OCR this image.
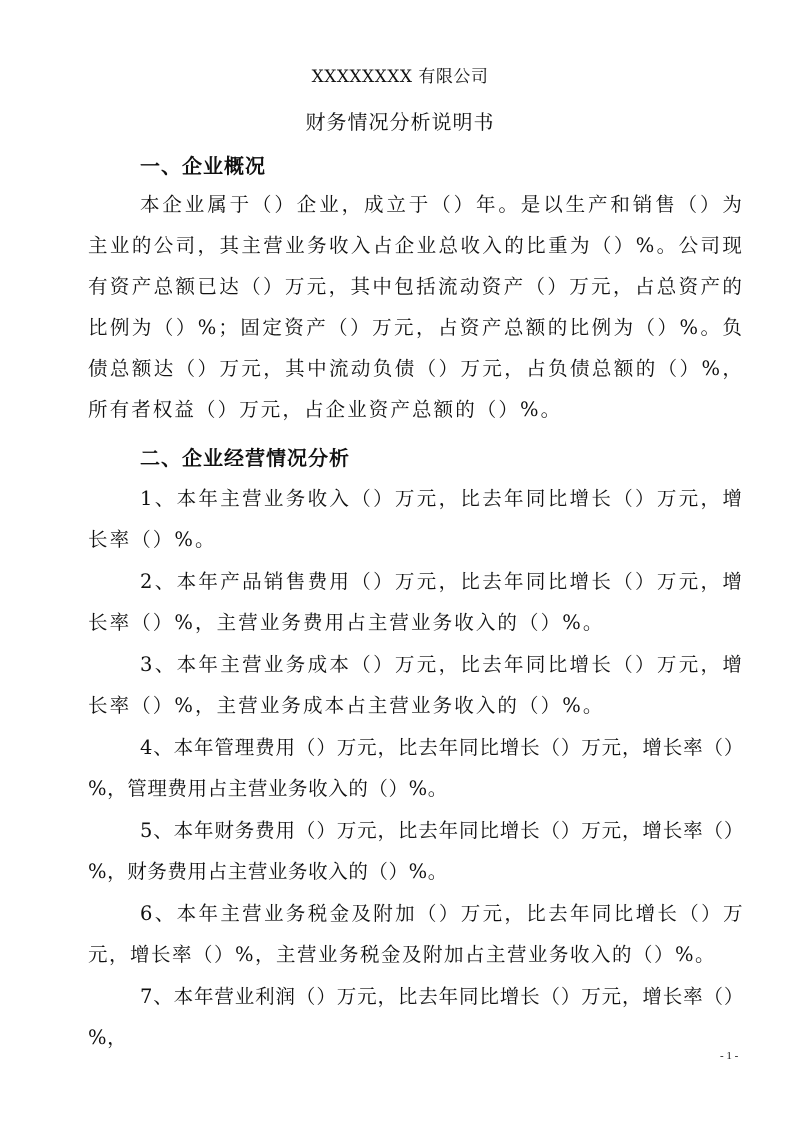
XXXXXXXX 有限公司
财务情况分析说明书
一、企业概况
本企业属于（）企业，成立于（）年。是以生产和销售（）为主业的公司，其主营业务收入占企业总收入的比重为（）%。公司现有资产总额已达（）万元，其中包括流动资产（）万元，占总资产的比例为（）%；固定资产（）万元，占资产总额的比例为（）%。负债总额达（）万元，其中流动负债（）万元，占负债总额的（）%，所有者权益（）万元，占企业资产总额的（）%。
二、企业经营情况分析
1、本年主营业务收入（）万元，比去年同比增长（）万元，增长率（）%。
2、本年产品销售费用（）万元，比去年同比增长（）万元，增长率（）%，主营业务费用占主营业务收入的（）%。
3、本年主营业务成本（）万元，比去年同比增长（）万元，增长率（）%，主营业务成本占主营业务收入的（）%。
4、本年管理费用（）万元，比去年同比增长（）万元，增长率（）%，管理费用占主营业务收入的（）%。
5、本年财务费用（）万元，比去年同比增长（）万元，增长率（）%，财务费用占主营业务收入的（）%。
6、本年主营业务税金及附加（）万元，比去年同比增长（）万元，增长率（）%，主营业务税金及附加占主营业务收入的（）%。
7、本年营业利润（）万元，比去年同比增长（）万元，增长率（）%，
- 1 -
